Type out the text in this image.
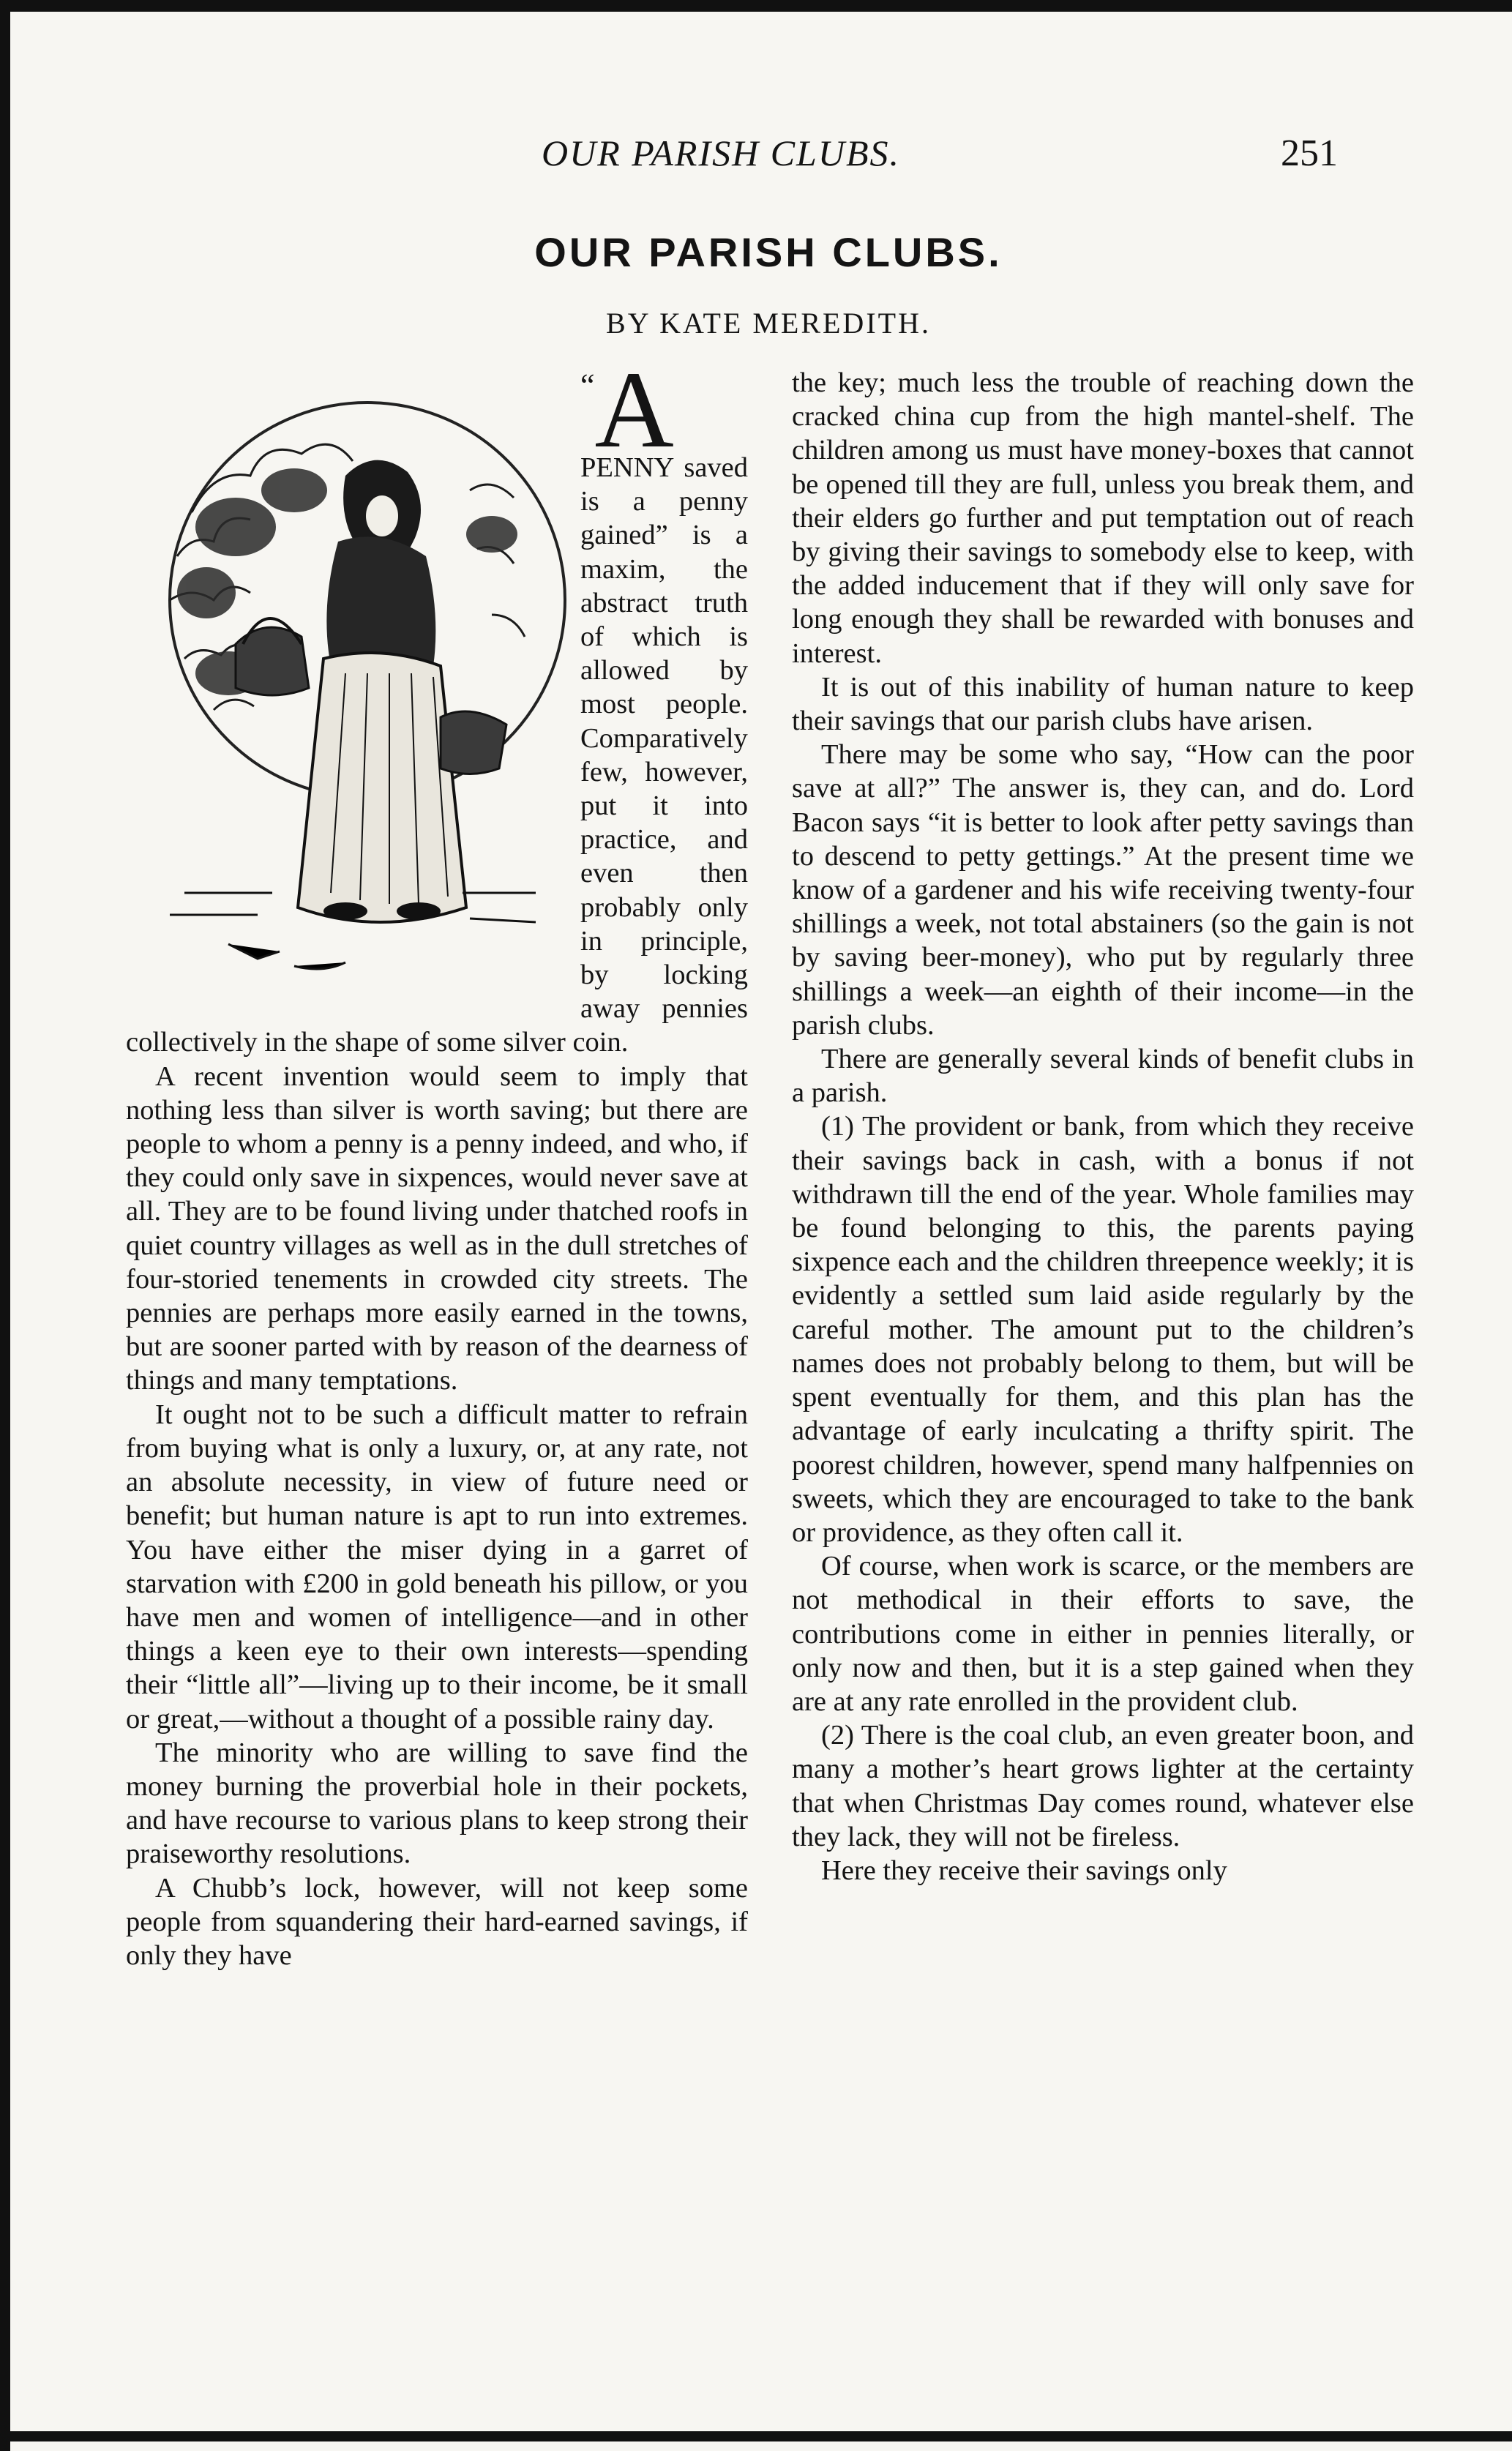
OUR PARISH CLUBS.	251
OUR PARISH CLUBS.
BY KATE MEREDITH.

“A
PENNY saved is a penny gained” is a maxim, the abstract truth of which is allowed by most people. Comparatively few, however, put it into practice, and even then probably only in principle, by locking away pennies collectively in the shape of some silver coin.

A recent invention would seem to imply that nothing less than silver is worth saving; but there are people to whom a penny is a penny indeed, and who, if they could only save in sixpences, would never save at all. They are to be found living under thatched roofs in quiet country villages as well as in the dull stretches of four-storied tenements in crowded city streets. The pennies are perhaps more easily earned in the towns, but are sooner parted with by reason of the dearness of things and many temptations.

It ought not to be such a difficult matter to refrain from buying what is only a luxury, or, at any rate, not an absolute necessity, in view of future need or benefit; but human nature is apt to run into extremes. You have either the miser dying in a garret of starvation with £200 in gold beneath his pillow, or you have men and women of intelligence—and in other things a keen eye to their own interests—spending their “little all”—living up to their income, be it small or great,—without a thought of a possible rainy day.

The minority who are willing to save find the money burning the proverbial hole in their pockets, and have recourse to various plans to keep strong their praiseworthy resolutions.

A Chubb’s lock, however, will not keep some people from squandering their hard-earned savings, if only they have

the key; much less the trouble of reaching down the cracked china cup from the high mantel-shelf. The children among us must have money-boxes that cannot be opened till they are full, unless you break them, and their elders go further and put temptation out of reach by giving their savings to somebody else to keep, with the added inducement that if they will only save for long enough they shall be rewarded with bonuses and interest.

It is out of this inability of human nature to keep their savings that our parish clubs have arisen.

There may be some who say, “How can the poor save at all?” The answer is, they can, and do. Lord Bacon says “it is better to look after petty savings than to descend to petty gettings.” At the present time we know of a gardener and his wife receiving twenty-four shillings a week, not total abstainers (so the gain is not by saving beer-money), who put by regularly three shillings a week—an eighth of their income—in the parish clubs.

There are generally several kinds of benefit clubs in a parish.

(1) The provident or bank, from which they receive their savings back in cash, with a bonus if not withdrawn till the end of the year. Whole families may be found belonging to this, the parents paying sixpence each and the children threepence weekly; it is evidently a settled sum laid aside regularly by the careful mother. The amount put to the children’s names does not probably belong to them, but will be spent eventually for them, and this plan has the advantage of early inculcating a thrifty spirit. The poorest children, however, spend many halfpennies on sweets, which they are encouraged to take to the bank or providence, as they often call it.

Of course, when work is scarce, or the members are not methodical in their efforts to save, the contributions come in either in pennies literally, or only now and then, but it is a step gained when they are at any rate enrolled in the provident club.

(2) There is the coal club, an even greater boon, and many a mother’s heart grows lighter at the certainty that when Christmas Day comes round, whatever else they lack, they will not be fireless.

Here they receive their savings only
